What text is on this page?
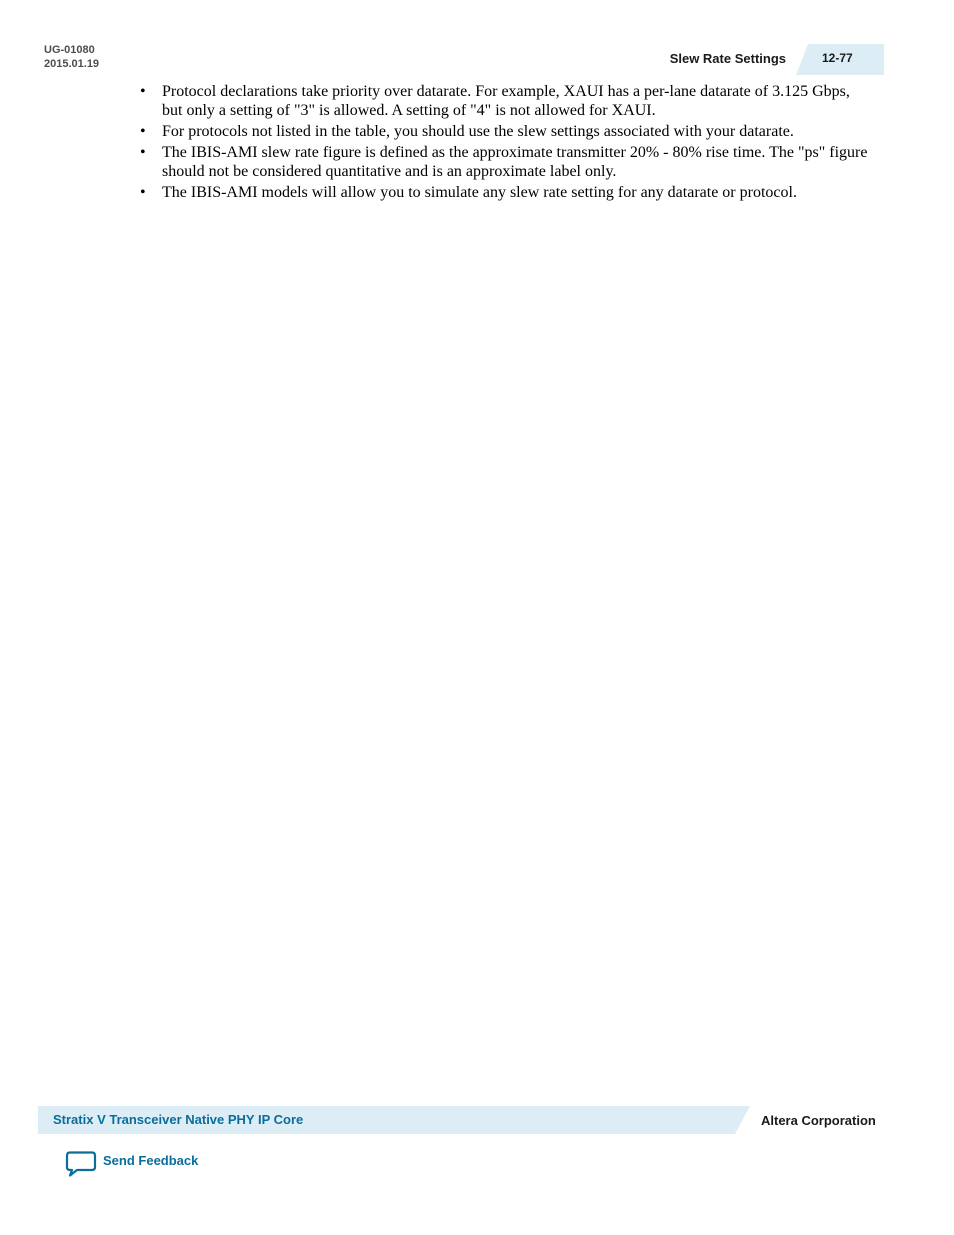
UG-01080
2015.01.19	Slew Rate Settings	12-77
• Protocol declarations take priority over datarate. For example, XAUI has a per-lane datarate of 3.125 Gbps, but only a setting of "3" is allowed. A setting of "4" is not allowed for XAUI.
• For protocols not listed in the table, you should use the slew settings associated with your datarate.
• The IBIS-AMI slew rate figure is defined as the approximate transmitter 20% - 80% rise time. The "ps" figure should not be considered quantitative and is an approximate label only.
• The IBIS-AMI models will allow you to simulate any slew rate setting for any datarate or protocol.
Stratix V Transceiver Native PHY IP Core	Altera Corporation
Send Feedback
